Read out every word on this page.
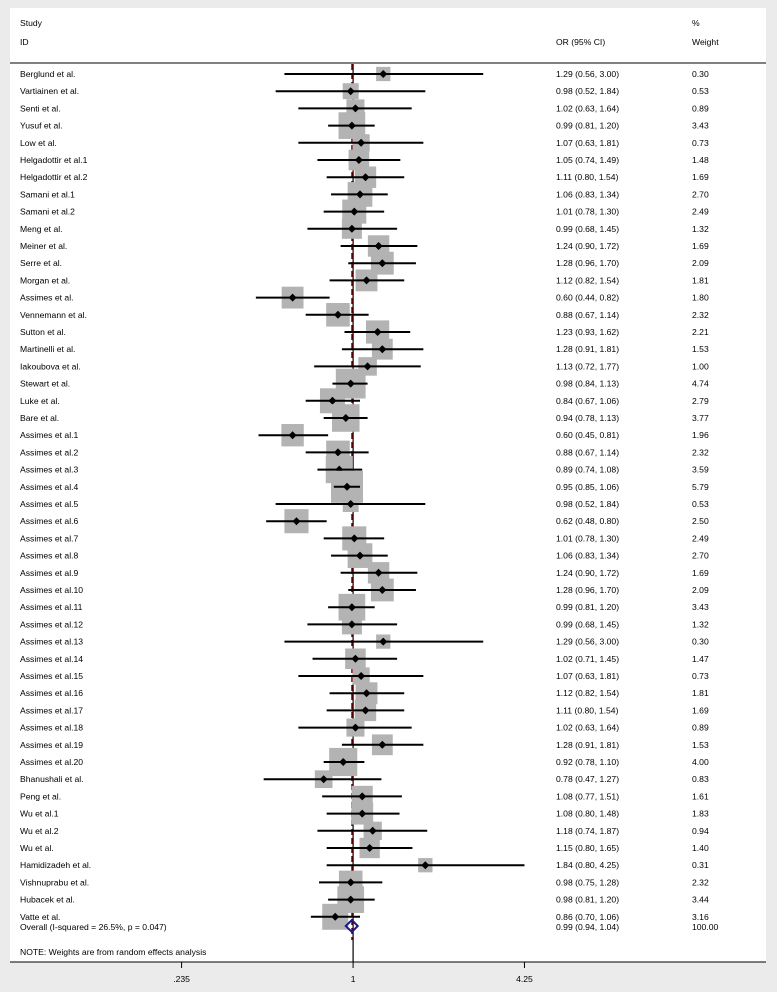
Study
ID	OR (95% CI)
%
Weight
Berglund et al.	1.29 (0.56, 3.00)	0.30
Vartiainen et al.	0.98 (0.52, 1.84)	0.53
Senti et al.	1.02 (0.63, 1.64)	0.89
Yusuf et al.	0.99 (0.81, 1.20)	3.43
Low et al.	1.07 (0.63, 1.81)	0.73
Helgadottir et al.1	1.05 (0.74, 1.49)	1.48
Helgadottir et al.2	1.11 (0.80, 1.54)	1.69
Samani et al.1	1.06 (0.83, 1.34)	2.70
Samani et al.2	1.01 (0.78, 1.30)	2.49
Meng et al.	0.99 (0.68, 1.45)	1.32
Meiner et al.	1.24 (0.90, 1.72)	1.69
Serre et al.	1.28 (0.96, 1.70)	2.09
Morgan et al.	1.12 (0.82, 1.54)	1.81
Assimes et al.	0.60 (0.44, 0.82)	1.80
Vennemann et al.	0.88 (0.67, 1.14)	2.32
Sutton et al.	1.23 (0.93, 1.62)	2.21
Martinelli et al.	1.28 (0.91, 1.81)	1.53
Iakoubova et al.	1.13 (0.72, 1.77)	1.00
Stewart et al.	0.98 (0.84, 1.13)	4.74
Luke et al.	0.84 (0.67, 1.06)	2.79
Bare et al.	0.94 (0.78, 1.13)	3.77
Assimes et al.1	0.60 (0.45, 0.81)	1.96
Assimes et al.2	0.88 (0.67, 1.14)	2.32
Assimes et al.3	0.89 (0.74, 1.08)	3.59
Assimes et al.4	0.95 (0.85, 1.06)	5.79
Assimes et al.5	0.98 (0.52, 1.84)	0.53
Assimes et al.6	0.62 (0.48, 0.80)	2.50
Assimes et al.7	1.01 (0.78, 1.30)	2.49
Assimes et al.8	1.06 (0.83, 1.34)	2.70
Assimes et al.9	1.24 (0.90, 1.72)	1.69
Assimes et al.10	1.28 (0.96, 1.70)	2.09
Assimes et al.11	0.99 (0.81, 1.20)	3.43
Assimes et al.12	0.99 (0.68, 1.45)	1.32
Assimes et al.13	1.29 (0.56, 3.00)	0.30
Assimes et al.14	1.02 (0.71, 1.45)	1.47
Assimes et al.15	1.07 (0.63, 1.81)	0.73
Assimes et al.16	1.12 (0.82, 1.54)	1.81
Assimes et al.17	1.11 (0.80, 1.54)	1.69
Assimes et al.18	1.02 (0.63, 1.64)	0.89
Assimes et al.19	1.28 (0.91, 1.81)	1.53
Assimes et al.20	0.92 (0.78, 1.10)	4.00
Bhanushali et al.	0.78 (0.47, 1.27)	0.83
Peng et al.	1.08 (0.77, 1.51)	1.61
Wu et al.1	1.08 (0.80, 1.48)	1.83
Wu et al.2	1.18 (0.74, 1.87)	0.94
Wu et al.	1.15 (0.80, 1.65)	1.40
Hamidizadeh et al.	1.84 (0.80, 4.25)	0.31
Vishnuprabu et al.	0.98 (0.75, 1.28)	2.32
Hubacek et al.	0.98 (0.81, 1.20)	3.44
Vatte et al.	0.86 (0.70, 1.06)	3.16
Overall (I-squared = 26.5%, p = 0.047)	0.99 (0.94, 1.04)	100.00
NOTE: Weights are from random effects analysis
.235	1	4.25
